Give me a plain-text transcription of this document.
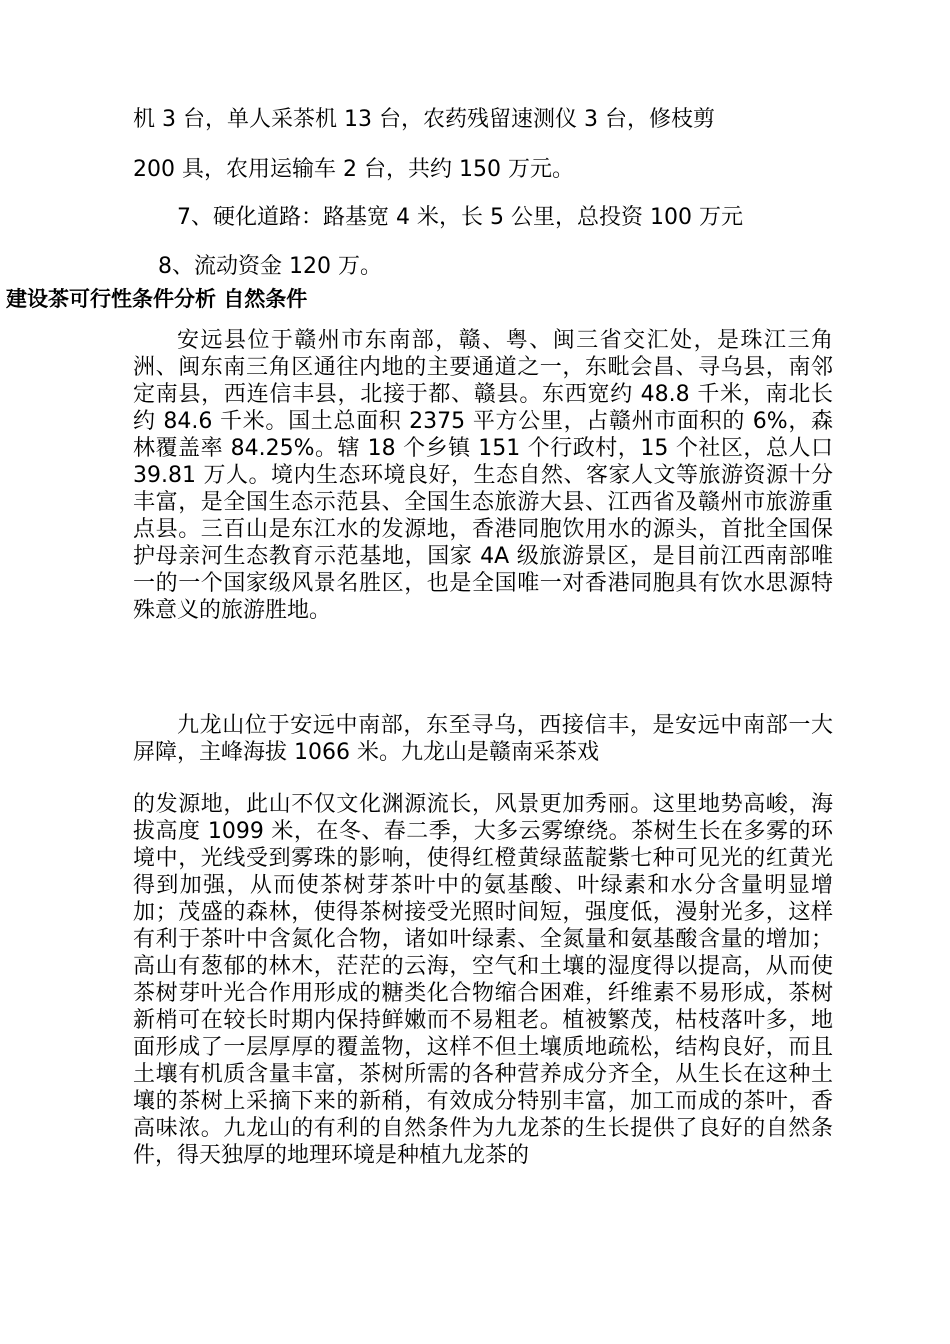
机 3 台，单人采茶机 13 台，农药残留速测仪 3 台，修枝剪

200 具，农用运输车 2 台，共约 150 万元。

7、硬化道路：路基宽 4 米，长 5 公里，总投资 100 万元

8、流动资金 120 万。

建设茶可行性条件分析 自然条件

安远县位于赣州市东南部，赣、粤、闽三省交汇处，是珠江三角洲、闽东南三角区通往内地的主要通道之一，东毗会昌、寻乌县，南邻定南县，西连信丰县，北接于都、赣县。东西宽约 48.8 千米，南北长约 84.6 千米。国土总面积 2375 平方公里，占赣州市面积的 6%，森林覆盖率 84.25%。辖 18 个乡镇 151 个行政村，15 个社区，总人口 39.81 万人。境内生态环境良好，生态自然、客家人文等旅游资源十分丰富，是全国生态示范县、全国生态旅游大县、江西省及赣州市旅游重点县。三百山是东江水的发源地，香港同胞饮用水的源头，首批全国保护母亲河生态教育示范基地，国家 4A 级旅游景区，是目前江西南部唯一的一个国家级风景名胜区，也是全国唯一对香港同胞具有饮水思源特殊意义的旅游胜地。

九龙山位于安远中南部，东至寻乌，西接信丰，是安远中南部一大屏障，主峰海拔 1066 米。九龙山是赣南采茶戏

的发源地，此山不仅文化渊源流长，风景更加秀丽。这里地势高峻，海拔高度 1099 米，在冬、春二季，大多云雾缭绕。茶树生长在多雾的环境中，光线受到雾珠的影响，使得红橙黄绿蓝靛紫七种可见光的红黄光得到加强，从而使茶树芽茶叶中的氨基酸、叶绿素和水分含量明显增加；茂盛的森林，使得茶树接受光照时间短，强度低，漫射光多，这样有利于茶叶中含氮化合物，诸如叶绿素、全氮量和氨基酸含量的增加；高山有葱郁的林木，茫茫的云海，空气和土壤的湿度得以提高，从而使茶树芽叶光合作用形成的糖类化合物缩合困难，纤维素不易形成，茶树新梢可在较长时期内保持鲜嫩而不易粗老。植被繁茂，枯枝落叶多，地面形成了一层厚厚的覆盖物，这样不但土壤质地疏松，结构良好，而且土壤有机质含量丰富，茶树所需的各种营养成分齐全，从生长在这种土壤的茶树上采摘下来的新稍，有效成分特别丰富，加工而成的茶叶，香高味浓。九龙山的有利的自然条件为九龙茶的生长提供了良好的自然条件，得天独厚的地理环境是种植九龙茶的
